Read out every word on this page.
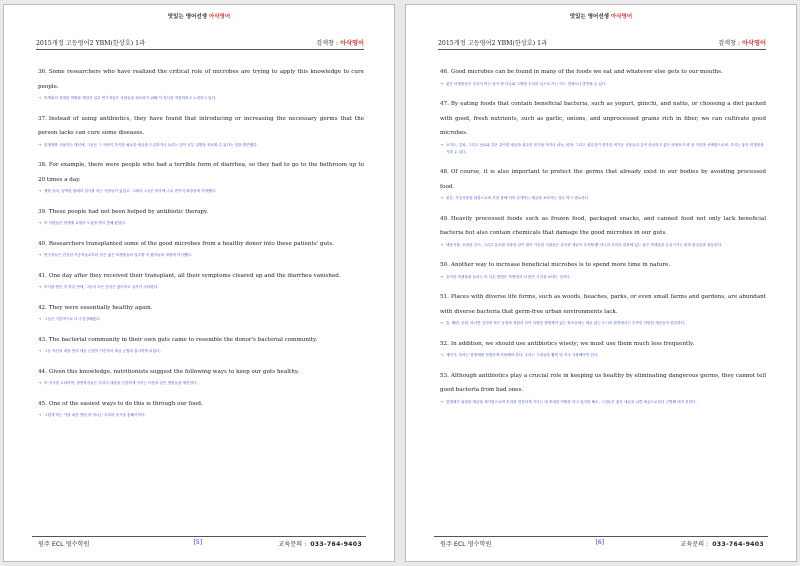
맛있는 영어선생 아삭영어
2015개정 고등영어2 YBM(한상호) 1과	검색창 : 아삭영어
36. Some researchers who have realized the critical role of microbes are trying to apply this knowledge to cure people.
→ 미생물의 중대한 역할을 깨달은 일부 연구자들은 사람들을 치료하기 위해 이 지식을 적용하려고 노력하고 있다.
37. Instead of using antibiotics, they have found that introducing or increasing the necessary germs that the person lacks can cure some diseases.
→ 항생제를 사용하는 대신에, 그들은 그 사람이 부족한 필요한 세균을 도입하거나 늘리는 것이 일부 질병을 치료할 수 있다는 것을 발견했다.
38. For example, there were people who had a terrible form of diarrhea, so they had to go to the bathroom up to 20 times a day.
→ 예를 들어, 끔찍한 형태의 설사를 하는 사람들이 있었고, 그래서 그들은 하루에 스무 번까지 화장실에 가야했다.
39. These people had not been helped by antibiotic therapy.
→ 이 사람들은 항생제 요법의 도움을 받지 못해 왔었다.
40. Researchers transplanted some of the good microbes from a healthy donor into these patients' guts.
→ 연구자들은 건강한 기증자들로부터 얻은 좋은 미생물들의 일부를 이 환자들의 내장에 이식했다.
41. One day after they received their transplant, all their symptoms cleared up and the diarrhea vanished.
→ 이식을 받은 지 하루 만에, 그들의 모든 증상은 없어지고 설사가 사라졌다.
42. They were essentially healthy again.
→ 그들은 기본적으로 다시 건강해졌다.
43. The bacterial community in their own guts came to resemble the donor's bacterial community.
→ 그들 자신의 내장 안의 세균 군집이 기증자의 세균 군집과 흡사하게 되었다.
44. Given this knowledge, nutritionists suggest the following ways to keep our guts healthy.
→ 이 지식을 고려하여, 영양학자들은 우리의 내장을 건강하게 지키는 다음과 같은 방법들을 제안한다.
45. One of the easiest ways to do this is through our food.
→ 그렇게 하는 가장 쉬운 방법 중 하나는 우리의 음식을 통해서이다.
원주 ECL 영수학원	[5]	교육문의 : 033-764-9403
맛있는 영어선생 아삭영어
2015개정 고등영어2 YBM(한상호) 1과	검색창 : 아삭영어
46. Good microbes can be found in many of the foods we eat and whatever else gets to our mouths.
→ 좋은 미생물들은 우리가 먹는 음식 중 다수와 그밖에 우리의 입으로 가는 어느 것에서나 발견될 수 있다.
47. By eating foods that contain beneficial bacteria, such as yogurt, gimchi, and natto, or choosing a diet packed with good, fresh nutrients, such as garlic, onions, and unprocessed grains rich in fiber, we can cultivate good microbes.
→ 요거트, 김치, 그리고 낫토와 같은 유익한 세균을 함유한 음식을 먹거나 마늘, 양파, 그리고 섬유질이 풍부한 비가공 곡물들과 같이 신선하고 좋은 영양소가 꽉 찬 식단을 선택함으로써, 우리는 좋은 미생물을 기를 수 있다.
48. Of course, it is also important to protect the germs that already exist in our bodies by avoiding processed food.
→ 물론, 가공식품을 피함으로써 우리 몸에 이미 존재하는 세균을 보호하는 것도 역시 중요하다.
49. Heavily processed foods such as frozen food, packaged snacks, and canned food not only lack beneficial bacteria but also contain chemicals that damage the good microbes in our guts.
→ 냉동식품, 포장된 간식, 그리고 통조림 식품과 같이 많이 가공된 식품들은 유익한 세균이 부족할 뿐 아니라 우리의 내장에 있는 좋은 미생물을 손상시키는 화학 물질들을 함유한다.
50. Another way to increase beneficial microbes is to spend more time in nature.
→ 유익한 미생물을 늘리는 또 다른 방법은 자연에서 더 많은 시간을 보내는 것이다.
51. Places with diverse life forms, such as woods, beaches, parks, or even small farms and gardens, are abundant with diverse bacteria that germ-free urban environments lack.
→ 숲, 해변, 공원, 아니면 심지어 작은 농장과 정원과 같이 다양한 생명체가 있는 장소들에는 세균 없는 도시의 환경에서는 부족한 다양한 세균들이 풍부하다.
52. In addition, we should use antibiotics wisely; we must use them much less frequently.
→ 게다가, 우리는 항생제를 현명하게 사용해야 한다. 우리는 그것들을 훨씬 덜 자주 사용해야만 한다.
53. Although antibiotics play a crucial role in keeping us healthy by eliminating dangerous germs, they cannot tell good bacteria from bad ones.
→ 항생제가 위험한 세균을 제거함으로써 우리를 건강하게 지키는 데 중대한 역할을 하고 있지만 해도, 그것들은 좋은 세균을 나쁜 세균으로부터 구별해 내지 못한다.
원주 ECL 영수학원	[6]	교육문의 : 033-764-9403
